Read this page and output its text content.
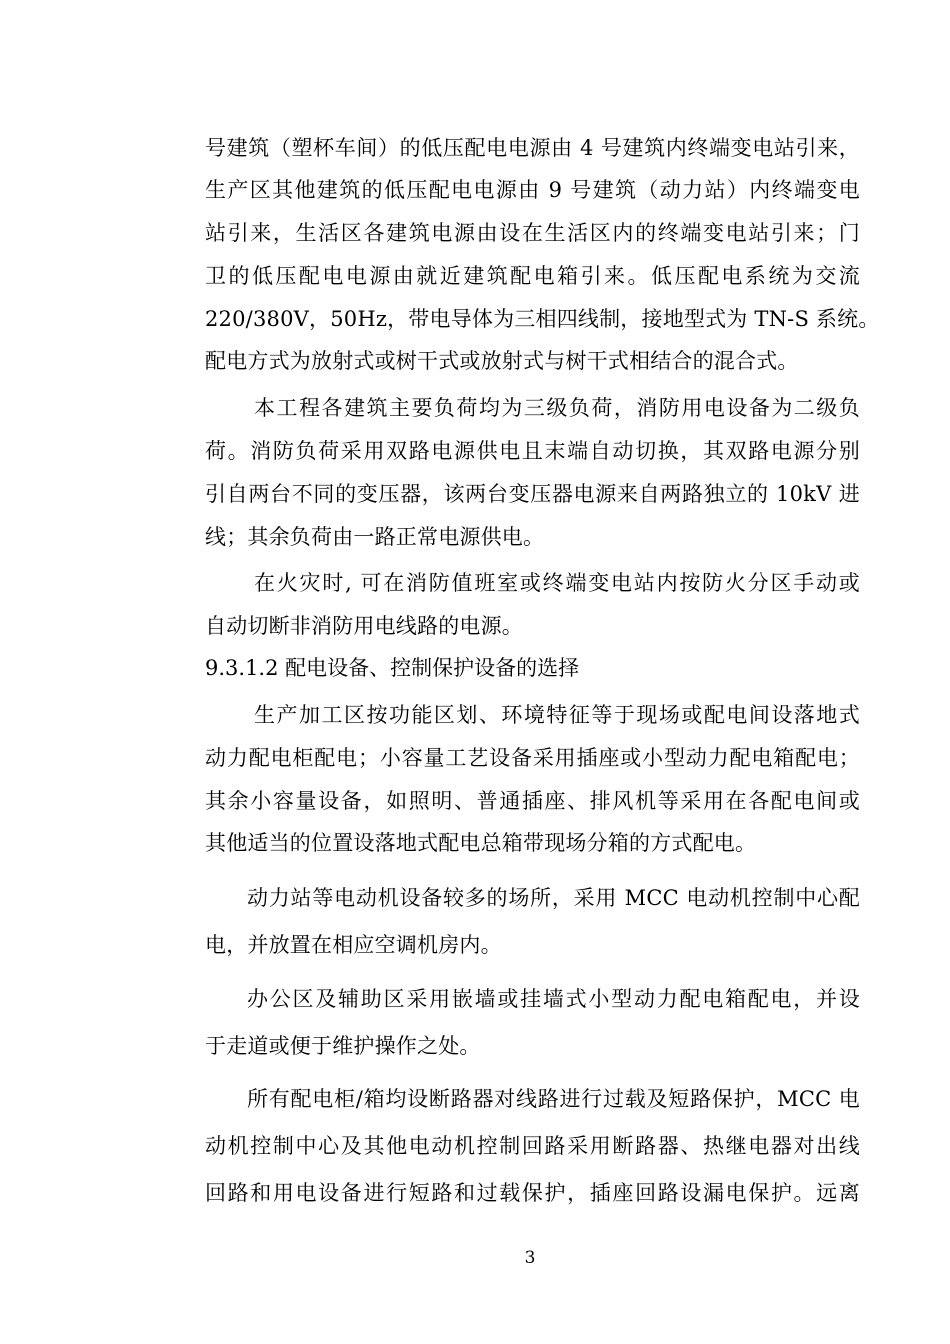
号建筑（塑杯车间）的低压配电电源由 4 号建筑内终端变电站引来，
生产区其他建筑的低压配电电源由 9 号建筑（动力站）内终端变电
站引来，生活区各建筑电源由设在生活区内的终端变电站引来；门
卫的低压配电电源由就近建筑配电箱引来。低压配电系统为交流
220/380V，50Hz，带电导体为三相四线制，接地型式为 TN-S 系统。
配电方式为放射式或树干式或放射式与树干式相结合的混合式。
本工程各建筑主要负荷均为三级负荷，消防用电设备为二级负
荷。消防负荷采用双路电源供电且末端自动切换，其双路电源分别
引自两台不同的变压器，该两台变压器电源来自两路独立的 10kV 进
线；其余负荷由一路正常电源供电。
在火灾时, 可在消防值班室或终端变电站内按防火分区手动或
自动切断非消防用电线路的电源。
9.3.1.2 配电设备、控制保护设备的选择
生产加工区按功能区划、环境特征等于现场或配电间设落地式
动力配电柜配电；小容量工艺设备采用插座或小型动力配电箱配电；
其余小容量设备，如照明、普通插座、排风机等采用在各配电间或
其他适当的位置设落地式配电总箱带现场分箱的方式配电。
动力站等电动机设备较多的场所，采用 MCC 电动机控制中心配
电，并放置在相应空调机房内。
办公区及辅助区采用嵌墙或挂墙式小型动力配电箱配电，并设
于走道或便于维护操作之处。
所有配电柜/箱均设断路器对线路进行过载及短路保护，MCC 电
动机控制中心及其他电动机控制回路采用断路器、热继电器对出线
回路和用电设备进行短路和过载保护，插座回路设漏电保护。远离
3
